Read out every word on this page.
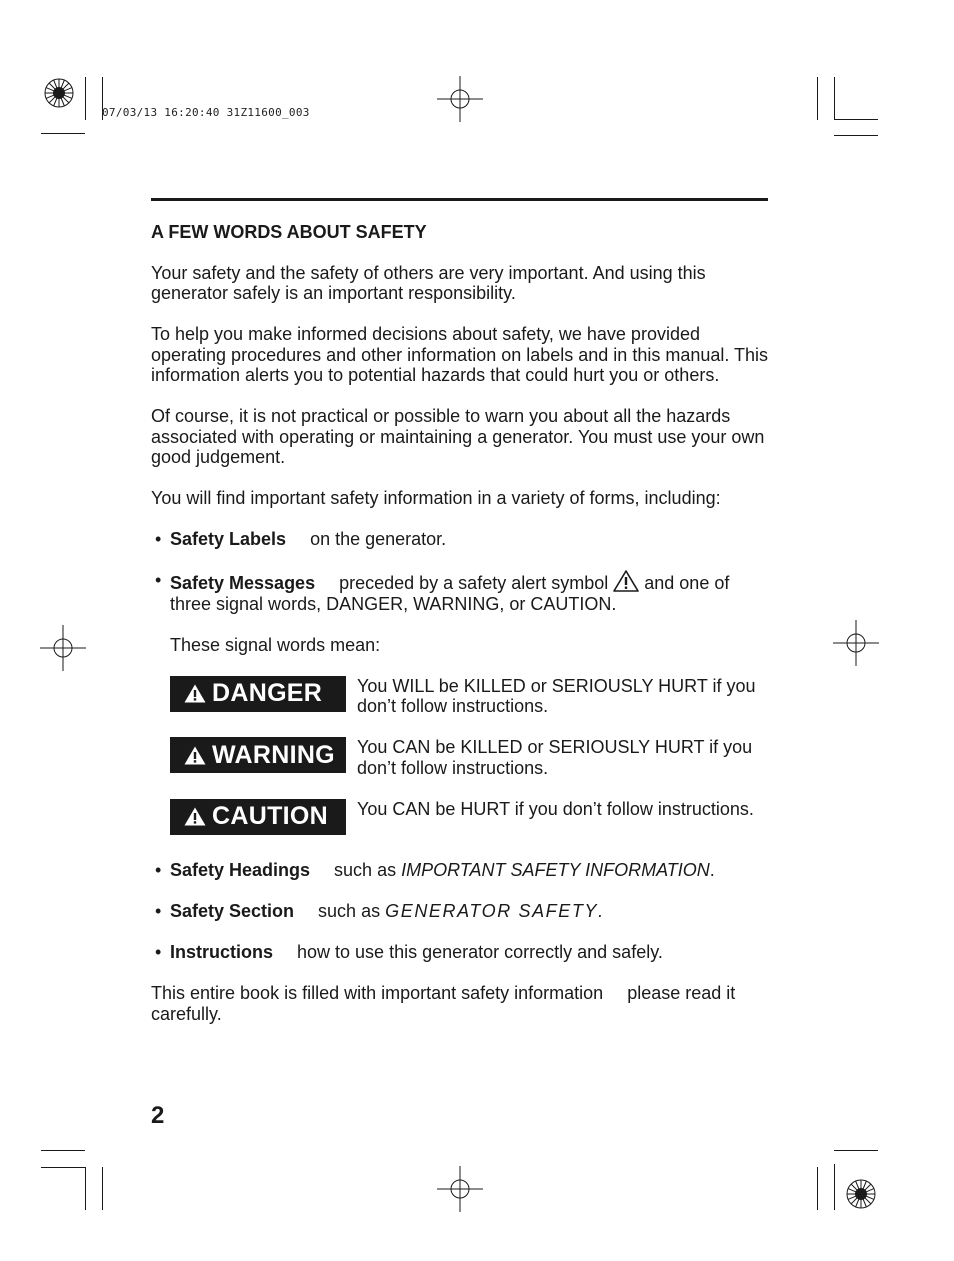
07/03/13 16:20:40 31Z11600_003
A FEW WORDS ABOUT SAFETY

Your safety and the safety of others are very important. And using this generator safely is an important responsibility.

To help you make informed decisions about safety, we have provided operating procedures and other information on labels and in this manual. This information alerts you to potential hazards that could hurt you or others.

Of course, it is not practical or possible to warn you about all the hazards associated with operating or maintaining a generator. You must use your own good judgement.

You will find important safety information in a variety of forms, including:

• Safety Labels on the generator.
• Safety Messages preceded by a safety alert symbol and one of three signal words, DANGER, WARNING, or CAUTION.

These signal words mean:

DANGER You WILL be KILLED or SERIOUSLY HURT if you don’t follow instructions.
WARNING You CAN be KILLED or SERIOUSLY HURT if you don’t follow instructions.
CAUTION You CAN be HURT if you don’t follow instructions.
• Safety Headings such as IMPORTANT SAFETY INFORMATION.
• Safety Section such as GENERATOR SAFETY.
• Instructions how to use this generator correctly and safely.

This entire book is filled with important safety information please read it carefully.

2
